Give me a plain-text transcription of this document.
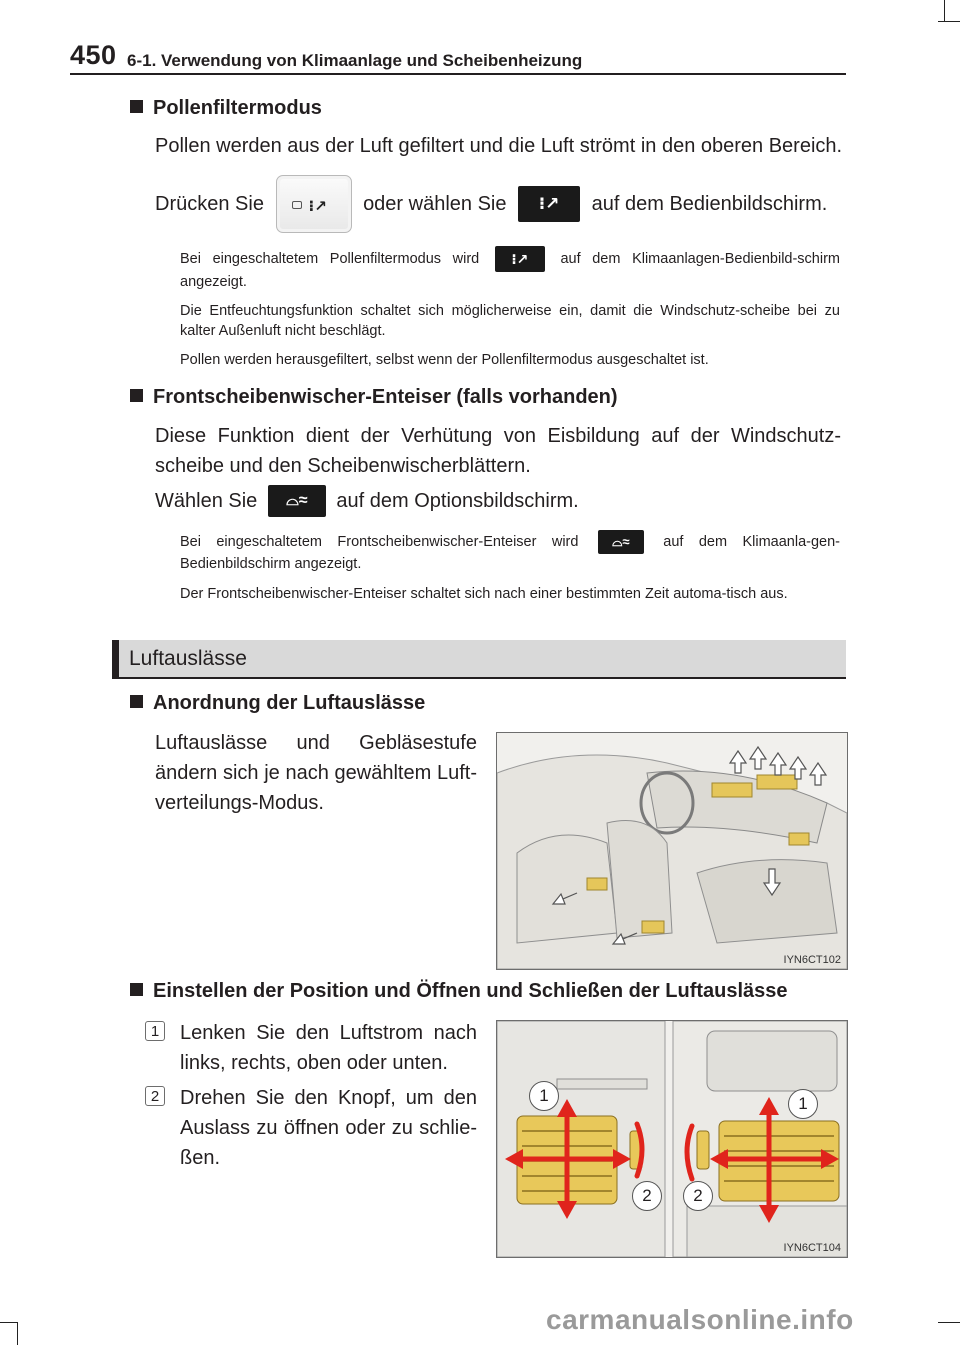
450 6-1. Verwendung von Klimaanlage und Scheibenheizung
Pollenfiltermodus
Pollen werden aus der Luft gefiltert und die Luft strömt in den oberen Bereich.
Drücken Sie	⁝↗ oder wählen Sie ⁝↗ auf dem Bedienbildschirm.
Bei eingeschaltetem Pollenfiltermodus wird ⁝↗ auf dem Klimaanlagen-Bedienbild-schirm angezeigt.
Die Entfeuchtungsfunktion schaltet sich möglicherweise ein, damit die Windschutz-scheibe bei zu kalter Außenluft nicht beschlägt.
Pollen werden herausgefiltert, selbst wenn der Pollenfiltermodus ausgeschaltet ist.
Frontscheibenwischer-Enteiser (falls vorhanden)
Diese Funktion dient der Verhütung von Eisbildung auf der Windschutz-scheibe und den Scheibenwischerblättern.
Wählen Sie ⌓≈ auf dem Optionsbildschirm.
Bei eingeschaltetem Frontscheibenwischer-Enteiser wird	⌓≈ auf dem Klimaanla-gen-Bedienbildschirm angezeigt.
Der Frontscheibenwischer-Enteiser schaltet sich nach einer bestimmten Zeit automa-tisch aus.
Luftauslässe
Anordnung der Luftauslässe
Luftauslässe und Gebläsestufe ändern sich je nach gewähltem Luft-verteilungs-Modus.
IYN6CT102
Einstellen der Position und Öffnen und Schließen der Luftauslässe
1 Lenken Sie den Luftstrom nach links, rechts, oben oder unten.
2 Drehen Sie den Knopf, um den Auslass zu öffnen oder zu schlie-ßen.
1	1
2	2
IYN6CT104
carmanualsonline.info
